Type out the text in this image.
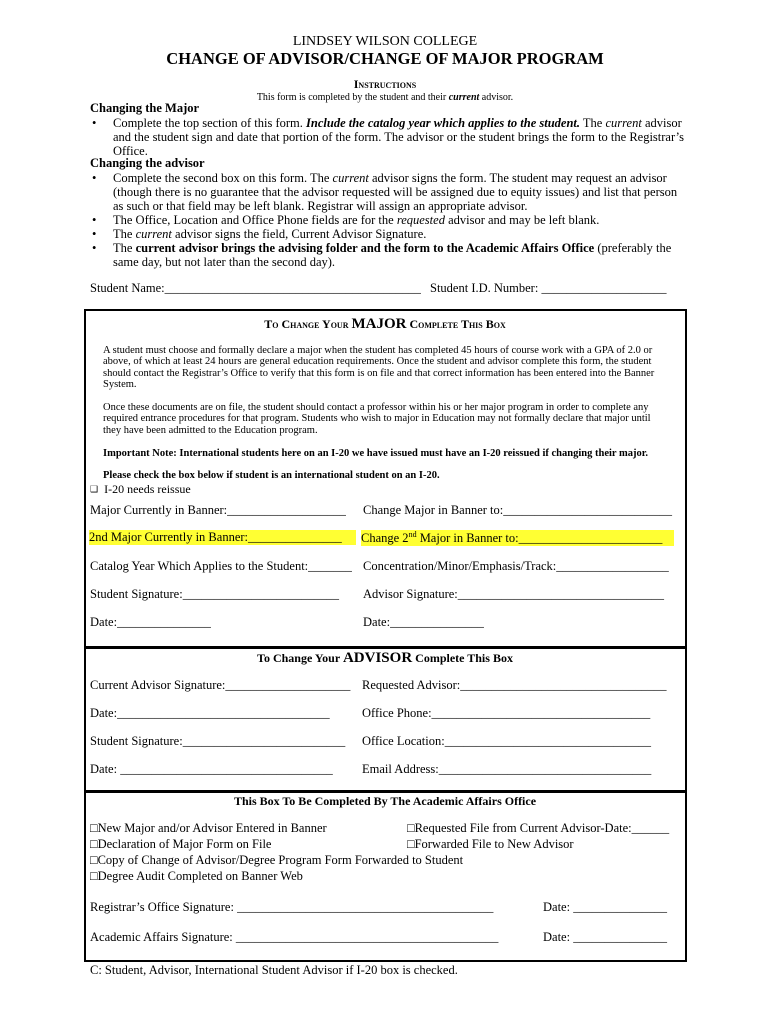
LINDSEY WILSON COLLEGE
CHANGE OF ADVISOR/CHANGE OF MAJOR PROGRAM
Instructions
This form is completed by the student and their current advisor.
Changing the Major
• Complete the top section of this form. Include the catalog year which applies to the student. The current advisor and the student sign and date that portion of the form. The advisor or the student brings the form to the Registrar’s Office.
Changing the advisor
• Complete the second box on this form. The current advisor signs the form. The student may request an advisor (though there is no guarantee that the advisor requested will be assigned due to equity issues) and list that person as such or that field may be left blank. Registrar will assign an appropriate advisor.
• The Office, Location and Office Phone fields are for the requested advisor and may be left blank.
• The current advisor signs the field, Current Advisor Signature.
• The current advisor brings the advising folder and the form to the Academic Affairs Office (preferably the same day, but not later than the second day).
Student Name:_________________________________________ Student I.D. Number: ____________________
To Change Your MAJOR Complete This Box
A student must choose and formally declare a major when the student has completed 45 hours of course work with a GPA of 2.0 or above, of which at least 24 hours are general education requirements. Once the student and advisor complete this form, the student should contact the Registrar’s Office to verify that this form is on file and that correct information has been entered into the Banner System.
Once these documents are on file, the student should contact a professor within his or her major program in order to complete any required entrance procedures for that program. Students who wish to major in Education may not formally declare that major until they have been admitted to the Education program.
Important Note: International students here on an I-20 we have issued must have an I-20 reissued if changing their major.
Please check the box below if student is an international student on an I-20.
❑ I-20 needs reissue
Major Currently in Banner:___________________ Change Major in Banner to:___________________________
2nd Major Currently in Banner:_______________	Change 2nd Major in Banner to:_______________________
Catalog Year Which Applies to the Student:_______ Concentration/Minor/Emphasis/Track:__________________
Student Signature:_________________________ Advisor Signature:_________________________________
Date:_______________	Date:_______________
To Change Your ADVISOR Complete This Box
Current Advisor Signature:____________________ Requested Advisor:_________________________________
Date:__________________________________	Office Phone:___________________________________
Student Signature:__________________________ Office Location:_________________________________
Date: __________________________________ Email Address:__________________________________
This Box To Be Completed By The Academic Affairs Office
□New Major and/or Advisor Entered in Banner	□Requested File from Current Advisor-Date:______
□Declaration of Major Form on File	□Forwarded File to New Advisor
□Copy of Change of Advisor/Degree Program Form Forwarded to Student
□Degree Audit Completed on Banner Web
Registrar’s Office Signature: _________________________________________	Date: _______________
Academic Affairs Signature: __________________________________________	Date: _______________
C: Student, Advisor, International Student Advisor if I-20 box is checked.
